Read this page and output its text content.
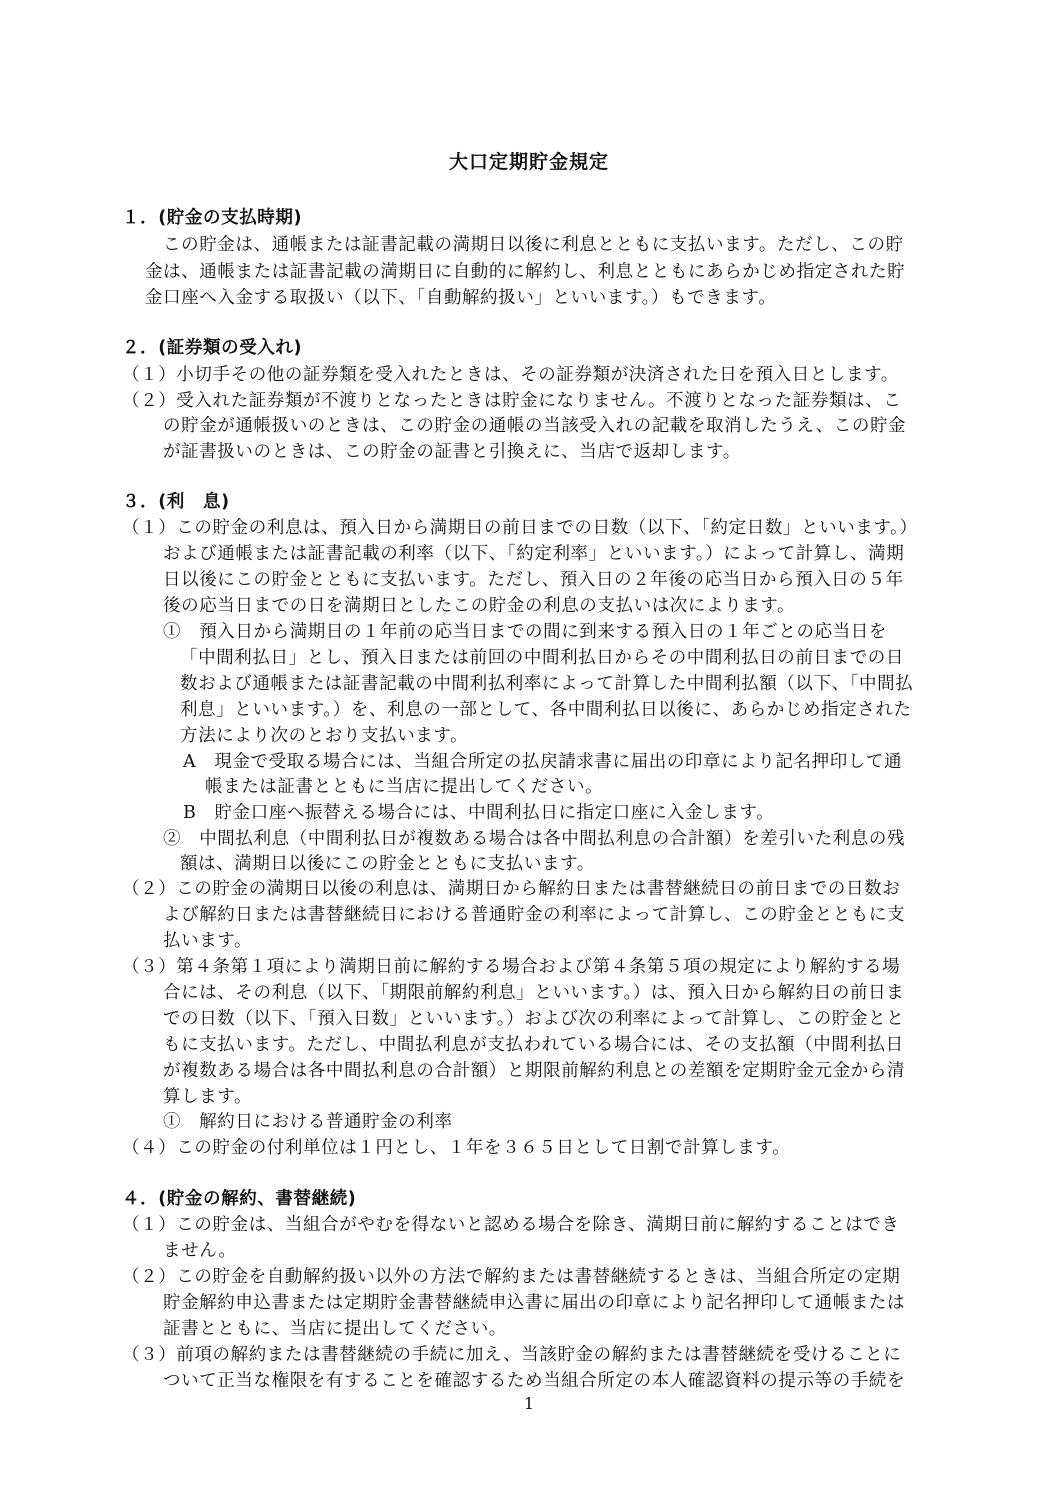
大口定期貯金規定
１．(貯金の支払時期)
この貯金は、通帳または証書記載の満期日以後に利息とともに支払います。ただし、この貯
金は、通帳または証書記載の満期日に自動的に解約し、利息とともにあらかじめ指定された貯
金口座へ入金する取扱い（以下、「自動解約扱い」といいます。）もできます。
２．(証券類の受入れ)
（１）小切手その他の証券類を受入れたときは、その証券類が決済された日を預入日とします。
（２）受入れた証券類が不渡りとなったときは貯金になりません。不渡りとなった証券類は、こ
の貯金が通帳扱いのときは、この貯金の通帳の当該受入れの記載を取消したうえ、この貯金
が証書扱いのときは、この貯金の証書と引換えに、当店で返却します。
３．(利　息)
（１）この貯金の利息は、預入日から満期日の前日までの日数（以下、「約定日数」といいます。）
および通帳または証書記載の利率（以下、「約定利率」といいます。）によって計算し、満期
日以後にこの貯金とともに支払います。ただし、預入日の２年後の応当日から預入日の５年
後の応当日までの日を満期日としたこの貯金の利息の支払いは次によります。
①　預入日から満期日の１年前の応当日までの間に到来する預入日の１年ごとの応当日を
「中間利払日」とし、預入日または前回の中間利払日からその中間利払日の前日までの日
数および通帳または証書記載の中間利払利率によって計算した中間利払額（以下、「中間払
利息」といいます。）を、利息の一部として、各中間利払日以後に、あらかじめ指定された
方法により次のとおり支払います。
A　現金で受取る場合には、当組合所定の払戻請求書に届出の印章により記名押印して通
帳または証書とともに当店に提出してください。
B　貯金口座へ振替える場合には、中間利払日に指定口座に入金します。
②　中間払利息（中間利払日が複数ある場合は各中間払利息の合計額）を差引いた利息の残
額は、満期日以後にこの貯金とともに支払います。
（２）この貯金の満期日以後の利息は、満期日から解約日または書替継続日の前日までの日数お
よび解約日または書替継続日における普通貯金の利率によって計算し、この貯金とともに支
払います。
（３）第４条第１項により満期日前に解約する場合および第４条第５項の規定により解約する場
合には、その利息（以下、「期限前解約利息」といいます。）は、預入日から解約日の前日ま
での日数（以下、「預入日数」といいます。）および次の利率によって計算し、この貯金とと
もに支払います。ただし、中間払利息が支払われている場合には、その支払額（中間利払日
が複数ある場合は各中間払利息の合計額）と期限前解約利息との差額を定期貯金元金から清
算します。
①　解約日における普通貯金の利率
（４）この貯金の付利単位は１円とし、１年を３６５日として日割で計算します。
４．(貯金の解約、書替継続)
（１）この貯金は、当組合がやむを得ないと認める場合を除き、満期日前に解約することはでき
ません。
（２）この貯金を自動解約扱い以外の方法で解約または書替継続するときは、当組合所定の定期
貯金解約申込書または定期貯金書替継続申込書に届出の印章により記名押印して通帳または
証書とともに、当店に提出してください。
（３）前項の解約または書替継続の手続に加え、当該貯金の解約または書替継続を受けることに
ついて正当な権限を有することを確認するため当組合所定の本人確認資料の提示等の手続を
1
